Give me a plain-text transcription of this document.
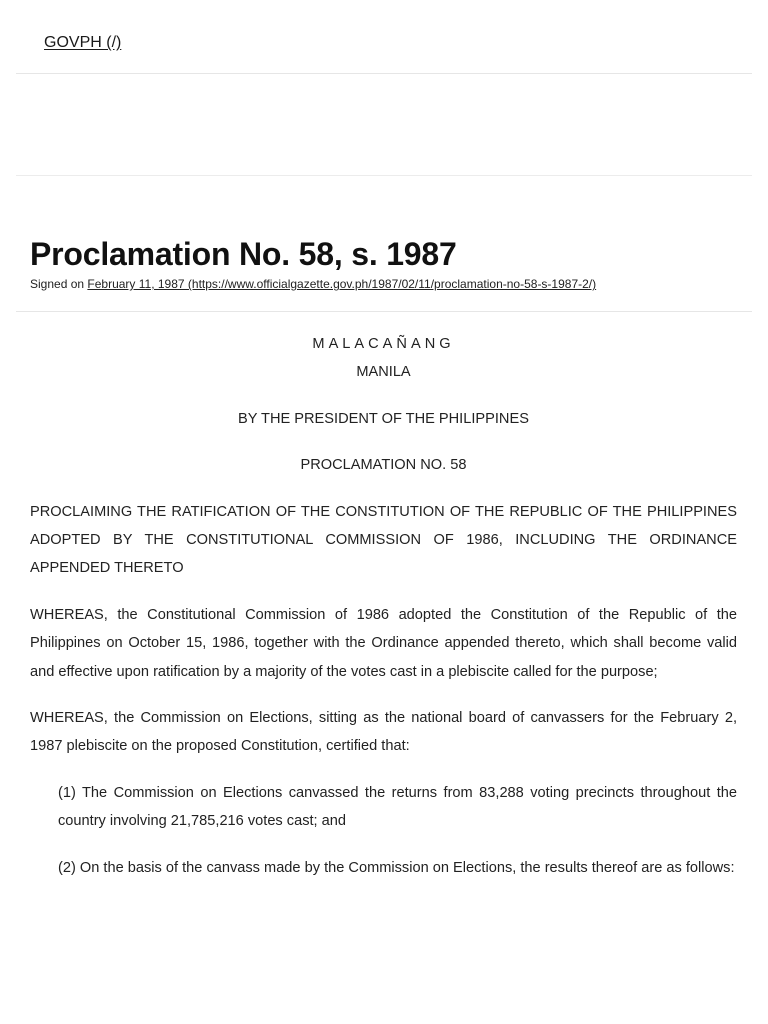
GOVPH (/)
Proclamation No. 58, s. 1987
Signed on February 11, 1987 (https://www.officialgazette.gov.ph/1987/02/11/proclamation-no-58-s-1987-2/)

MALACAÑANG

MANILA

BY THE PRESIDENT OF THE PHILIPPINES

PROCLAMATION NO. 58

PROCLAIMING THE RATIFICATION OF THE CONSTITUTION OF THE REPUBLIC OF THE PHILIPPINES ADOPTED BY THE CONSTITUTIONAL COMMISSION OF 1986, INCLUDING THE ORDINANCE APPENDED THERETO

WHEREAS, the Constitutional Commission of 1986 adopted the Constitution of the Republic of the Philippines on October 15, 1986, together with the Ordinance appended thereto, which shall become valid and effective upon ratification by a majority of the votes cast in a plebiscite called for the purpose;

WHEREAS, the Commission on Elections, sitting as the national board of canvassers for the February 2, 1987 plebiscite on the proposed Constitution, certified that:

(1) The Commission on Elections canvassed the returns from 83,288 voting precincts throughout the country involving 21,785,216 votes cast; and

(2) On the basis of the canvass made by the Commission on Elections, the results thereof are as follows:
